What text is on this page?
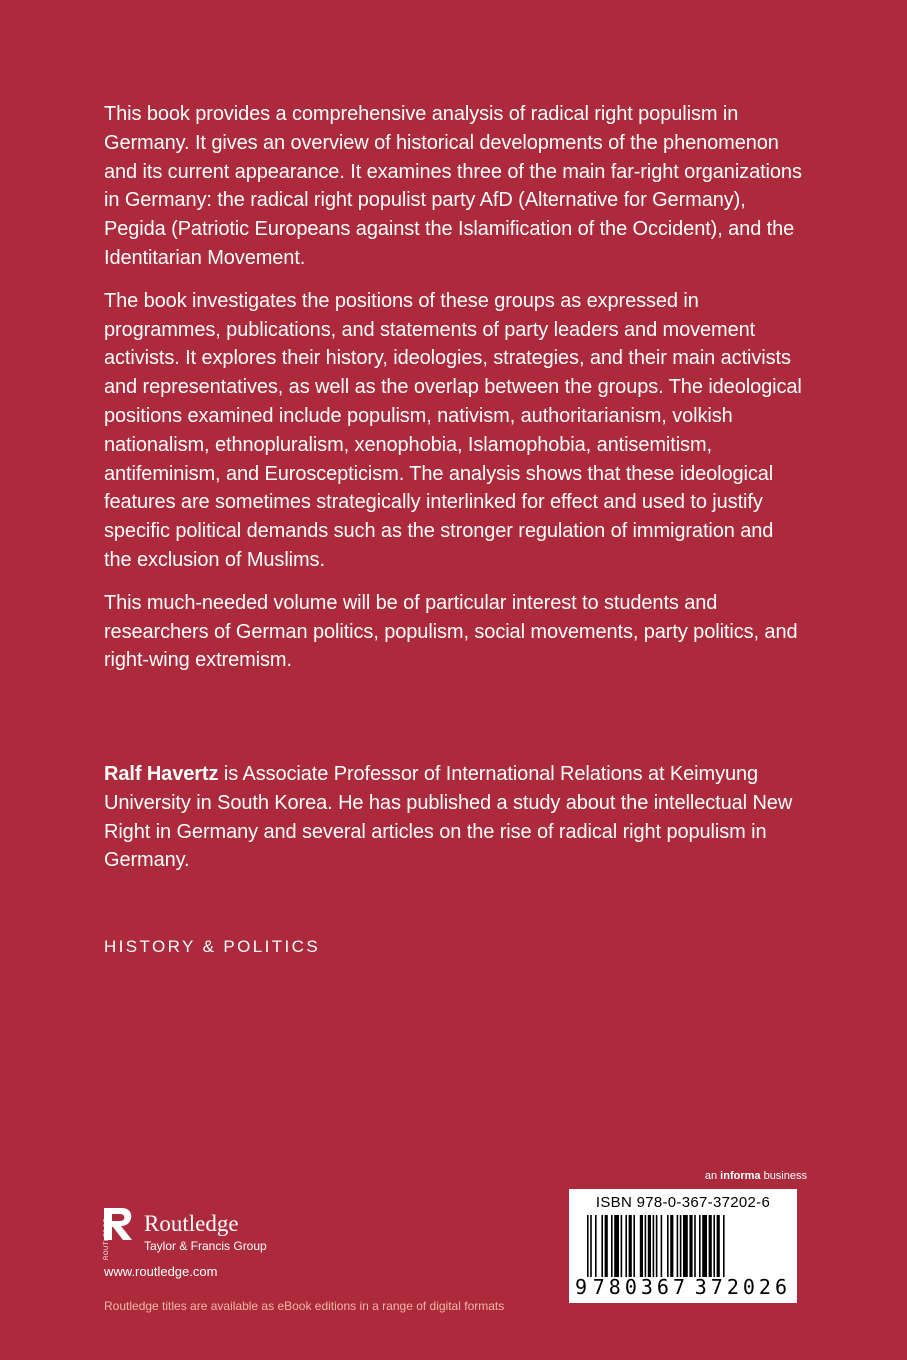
This book provides a comprehensive analysis of radical right populism in Germany. It gives an overview of historical developments of the phenomenon and its current appearance. It examines three of the main far-right organizations in Germany: the radical right populist party AfD (Alternative for Germany), Pegida (Patriotic Europeans against the Islamification of the Occident), and the Identitarian Movement.

The book investigates the positions of these groups as expressed in programmes, publications, and statements of party leaders and movement activists. It explores their history, ideologies, strategies, and their main activists and representatives, as well as the overlap between the groups. The ideological positions examined include populism, nativism, authoritarianism, volkish nationalism, ethnopluralism, xenophobia, Islamophobia, antisemitism, antifeminism, and Euroscepticism. The analysis shows that these ideological features are sometimes strategically interlinked for effect and used to justify specific political demands such as the stronger regulation of immigration and the exclusion of Muslims.

This much-needed volume will be of particular interest to students and researchers of German politics, populism, social movements, party politics, and right-wing extremism.

Ralf Havertz is Associate Professor of International Relations at Keimyung University in South Korea. He has published a study about the intellectual New Right in Germany and several articles on the rise of radical right populism in Germany.
HISTORY & POLITICS
ROUTLEDGE Routledge
Taylor & Francis Group
www.routledge.com
Routledge titles are available as eBook editions in a range of digital formats
an informa business
ISBN 978-0-367-37202-6
9 780367 372026
